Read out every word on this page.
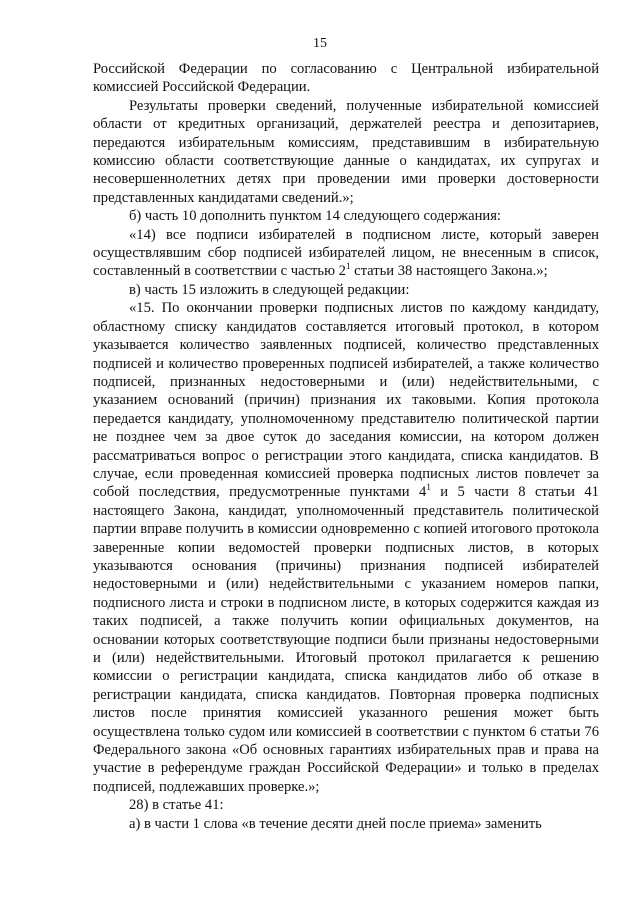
15

Российской Федерации по согласованию с Центральной избирательной комиссией Российской Федерации.

Результаты проверки сведений, полученные избирательной комиссией области от кредитных организаций, держателей реестра и депозитариев, передаются избирательным комиссиям, представившим в избирательную комиссию области соответствующие данные о кандидатах, их супругах и несовершеннолетних детях при проведении ими проверки достоверности представленных кандидатами сведений.»;

б) часть 10 дополнить пунктом 14 следующего содержания:

«14) все подписи избирателей в подписном листе, который заверен осуществлявшим сбор подписей избирателей лицом, не внесенным в список, составленный в соответствии с частью $2^1$ статьи 38 настоящего Закона.»;

в) часть 15 изложить в следующей редакции:

«15. По окончании проверки подписных листов по каждому кандидату, областному списку кандидатов составляется итоговый протокол, в котором указывается количество заявленных подписей, количество представленных подписей и количество проверенных подписей избирателей, а также количество подписей, признанных недостоверными и (или) недействительными, с указанием оснований (причин) признания их таковыми. Копия протокола передается кандидату, уполномоченному представителю политической партии не позднее чем за двое суток до заседания комиссии, на котором должен рассматриваться вопрос о регистрации этого кандидата, списка кандидатов. В случае, если проведенная комиссией проверка подписных листов повлечет за собой последствия, предусмотренные пунктами $4^1$ и 5 части 8 статьи 41 настоящего Закона, кандидат, уполномоченный представитель политической партии вправе получить в комиссии одновременно с копией итогового протокола заверенные копии ведомостей проверки подписных листов, в которых указываются основания (причины) признания подписей избирателей недостоверными и (или) недействительными с указанием номеров папки, подписного листа и строки в подписном листе, в которых содержится каждая из таких подписей, а также получить копии официальных документов, на основании которых соответствующие подписи были признаны недостоверными и (или) недействительными. Итоговый протокол прилагается к решению комиссии о регистрации кандидата, списка кандидатов либо об отказе в регистрации кандидата, списка кандидатов. Повторная проверка подписных листов после принятия комиссией указанного решения может быть осуществлена только судом или комиссией в соответствии с пунктом 6 статьи 76 Федерального закона «Об основных гарантиях избирательных прав и права на участие в референдуме граждан Российской Федерации» и только в пределах подписей, подлежавших проверке.»;

28) в статье 41:

а) в части 1 слова «в течение десяти дней после приема» заменить
